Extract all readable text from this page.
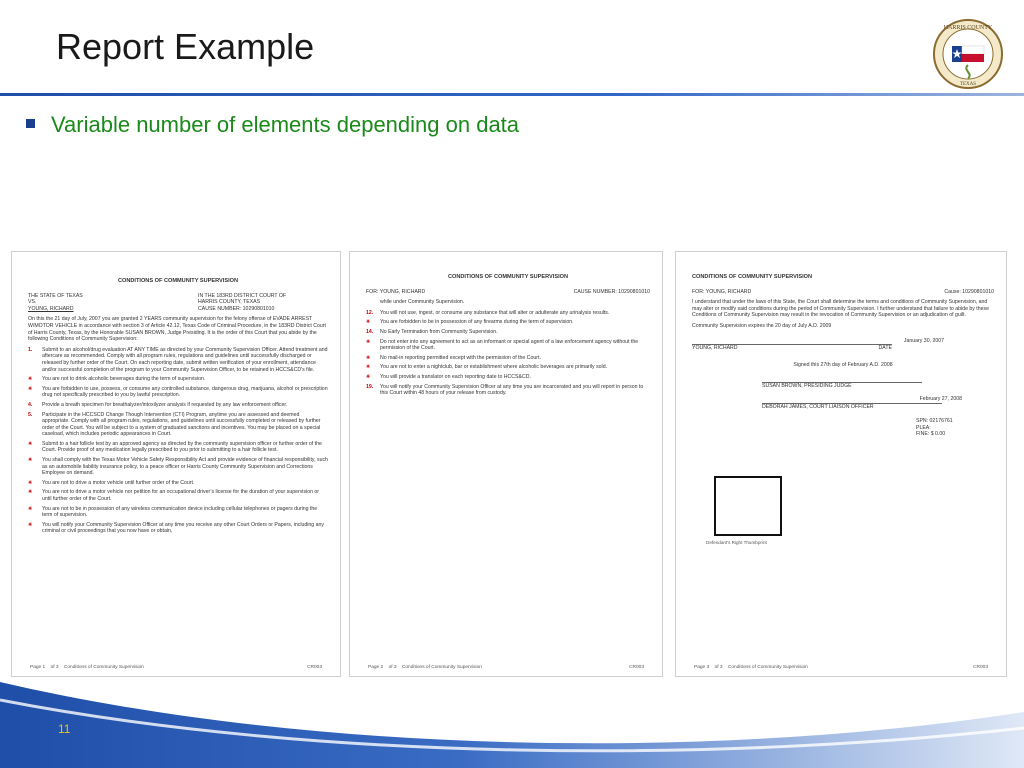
Report Example	HARRIS COUNTY
TEXAS
Variable number of elements depending on data
CONDITIONS OF COMMUNITY SUPERVISION
THE STATE OF TEXAS
VS.
YOUNG, RICHARD
IN THE 183RD DISTRICT COURT OF
HARRIS COUNTY, TEXAS
CAUSE NUMBER: 10290801010
On this the 21 day of July, 2007 you are granted 2 YEARS community supervision for the felony offense of EVADE ARREST W/MOTOR VEHICLE in accordance with section 3 of Article 42.12, Texas Code of Criminal Procedure, in the 183RD District Court of Harris County, Texas, by the Honorable SUSAN BROWN, Judge Presiding. It is the order of this Court that you abide by the following Conditions of Community Supervision:
1.	Submit to an alcohol/drug evaluation AT ANY TIME as directed by your Community Supervision Officer. Attend treatment and aftercare as recommended. Comply with all program rules, regulations and guidelines until successfully discharged or released by further order of the Court. On each reporting date, submit written verification of your enrollment, attendance and/or successful completion of the program to your Community Supervision Officer, to be retained in HCCS&CD's file.
✳	You are not to drink alcoholic beverages during the term of supervision.
✳	You are forbidden to use, possess, or consume any controlled substance, dangerous drug, marijuana, alcohol or prescription drug not specifically prescribed to you by lawful prescription.
4.	Provide a breath specimen for breathalyzer/intoxilyzer analysis if requested by any law enforcement officer.
5.	Participate in the HCCSCD Change Though Intervention (CTI) Program, anytime you are assessed and deemed appropriate. Comply with all program rules, regulations, and guidelines until successfully completed or released by further order of the Court. You will be subject to a system of graduated sanctions and incentives. You may be placed on a special caseload, which includes periodic appearances in Court.
✳	Submit to a hair follicle test by an approved agency as directed by the community supervision officer or further order of the Court. Provide proof of any medication legally prescribed to you prior to submitting to a hair follicle test.
✳	You shall comply with the Texas Motor Vehicle Safety Responsibility Act and provide evidence of financial responsibility, such as an automobile liability insurance policy, to a peace officer or Harris County Community Supervision and Corrections Employee on demand.
✳	You are not to drive a motor vehicle until further order of the Court.
✳	You are not to drive a motor vehicle nor petition for an occupational driver’s license for the duration of your supervision or until further order of the Court.
✳	You are not to be in possession of any wireless communication device including cellular telephones or pagers during the term of supervision.
✳	You will notify your Community Supervision Officer at any time you receive any other Court Orders or Papers, including any criminal or civil proceedings that you now have or obtain,
Page 1 of 3 Conditions of Community Supervision	CR003
CONDITIONS OF COMMUNITY SUPERVISION
FOR: YOUNG, RICHARD	CAUSE NUMBER: 10290801010
while under Community Supervision.
12.	You will not use, ingest, or consume any substance that will alter or adulterate any urinalysis results.
✳	You are forbidden to be in possession of any firearms during the term of supervision.
14.	No Early Termination from Community Supervision.
✳	Do not enter into any agreement to act as an informant or special agent of a law enforcement agency without the permission of the Court.
✳	No mail-in reporting permitted except with the permission of the Court.
✳	You are not to enter a nightclub, bar or establishment where alcoholic beverages are primarily sold.
✳	You will provide a translator on each reporting date to HCCS&CD.
19.	You will notify your Community Supervision Officer at any time you are incarcerated and you will report in person to this Court within 48 hours of your release from custody.
Page 2 of 3 Conditions of Community Supervision	CR003
CONDITIONS OF COMMUNITY SUPERVISION
FOR: YOUNG, RICHARD	Cause: 10290801010
I understand that under the laws of this State, the Court shall determine the terms and conditions of Community Supervision, and may alter or modify said conditions during the period of Community Supervision. I further understand that failure to abide by these Conditions of Community Supervision may result in the revocation of Community Supervision or an adjudication of guilt.
Community Supervision expires the 20 day of July A.D. 2009
January 30, 2007
YOUNG, RICHARD	DATE
Signed this 27th day of February A.D. 2008
SUSAN BROWN, PRESIDING JUDGE
February 27, 2008
DEBORAH JAMES, COURT LIAISON OFFICER
SPN: 02176761
PLEA:
FINE: $ 0.00
Defendant's Right Thumbprint
Page 3 of 3 Conditions of Community Supervision	CR003
11
